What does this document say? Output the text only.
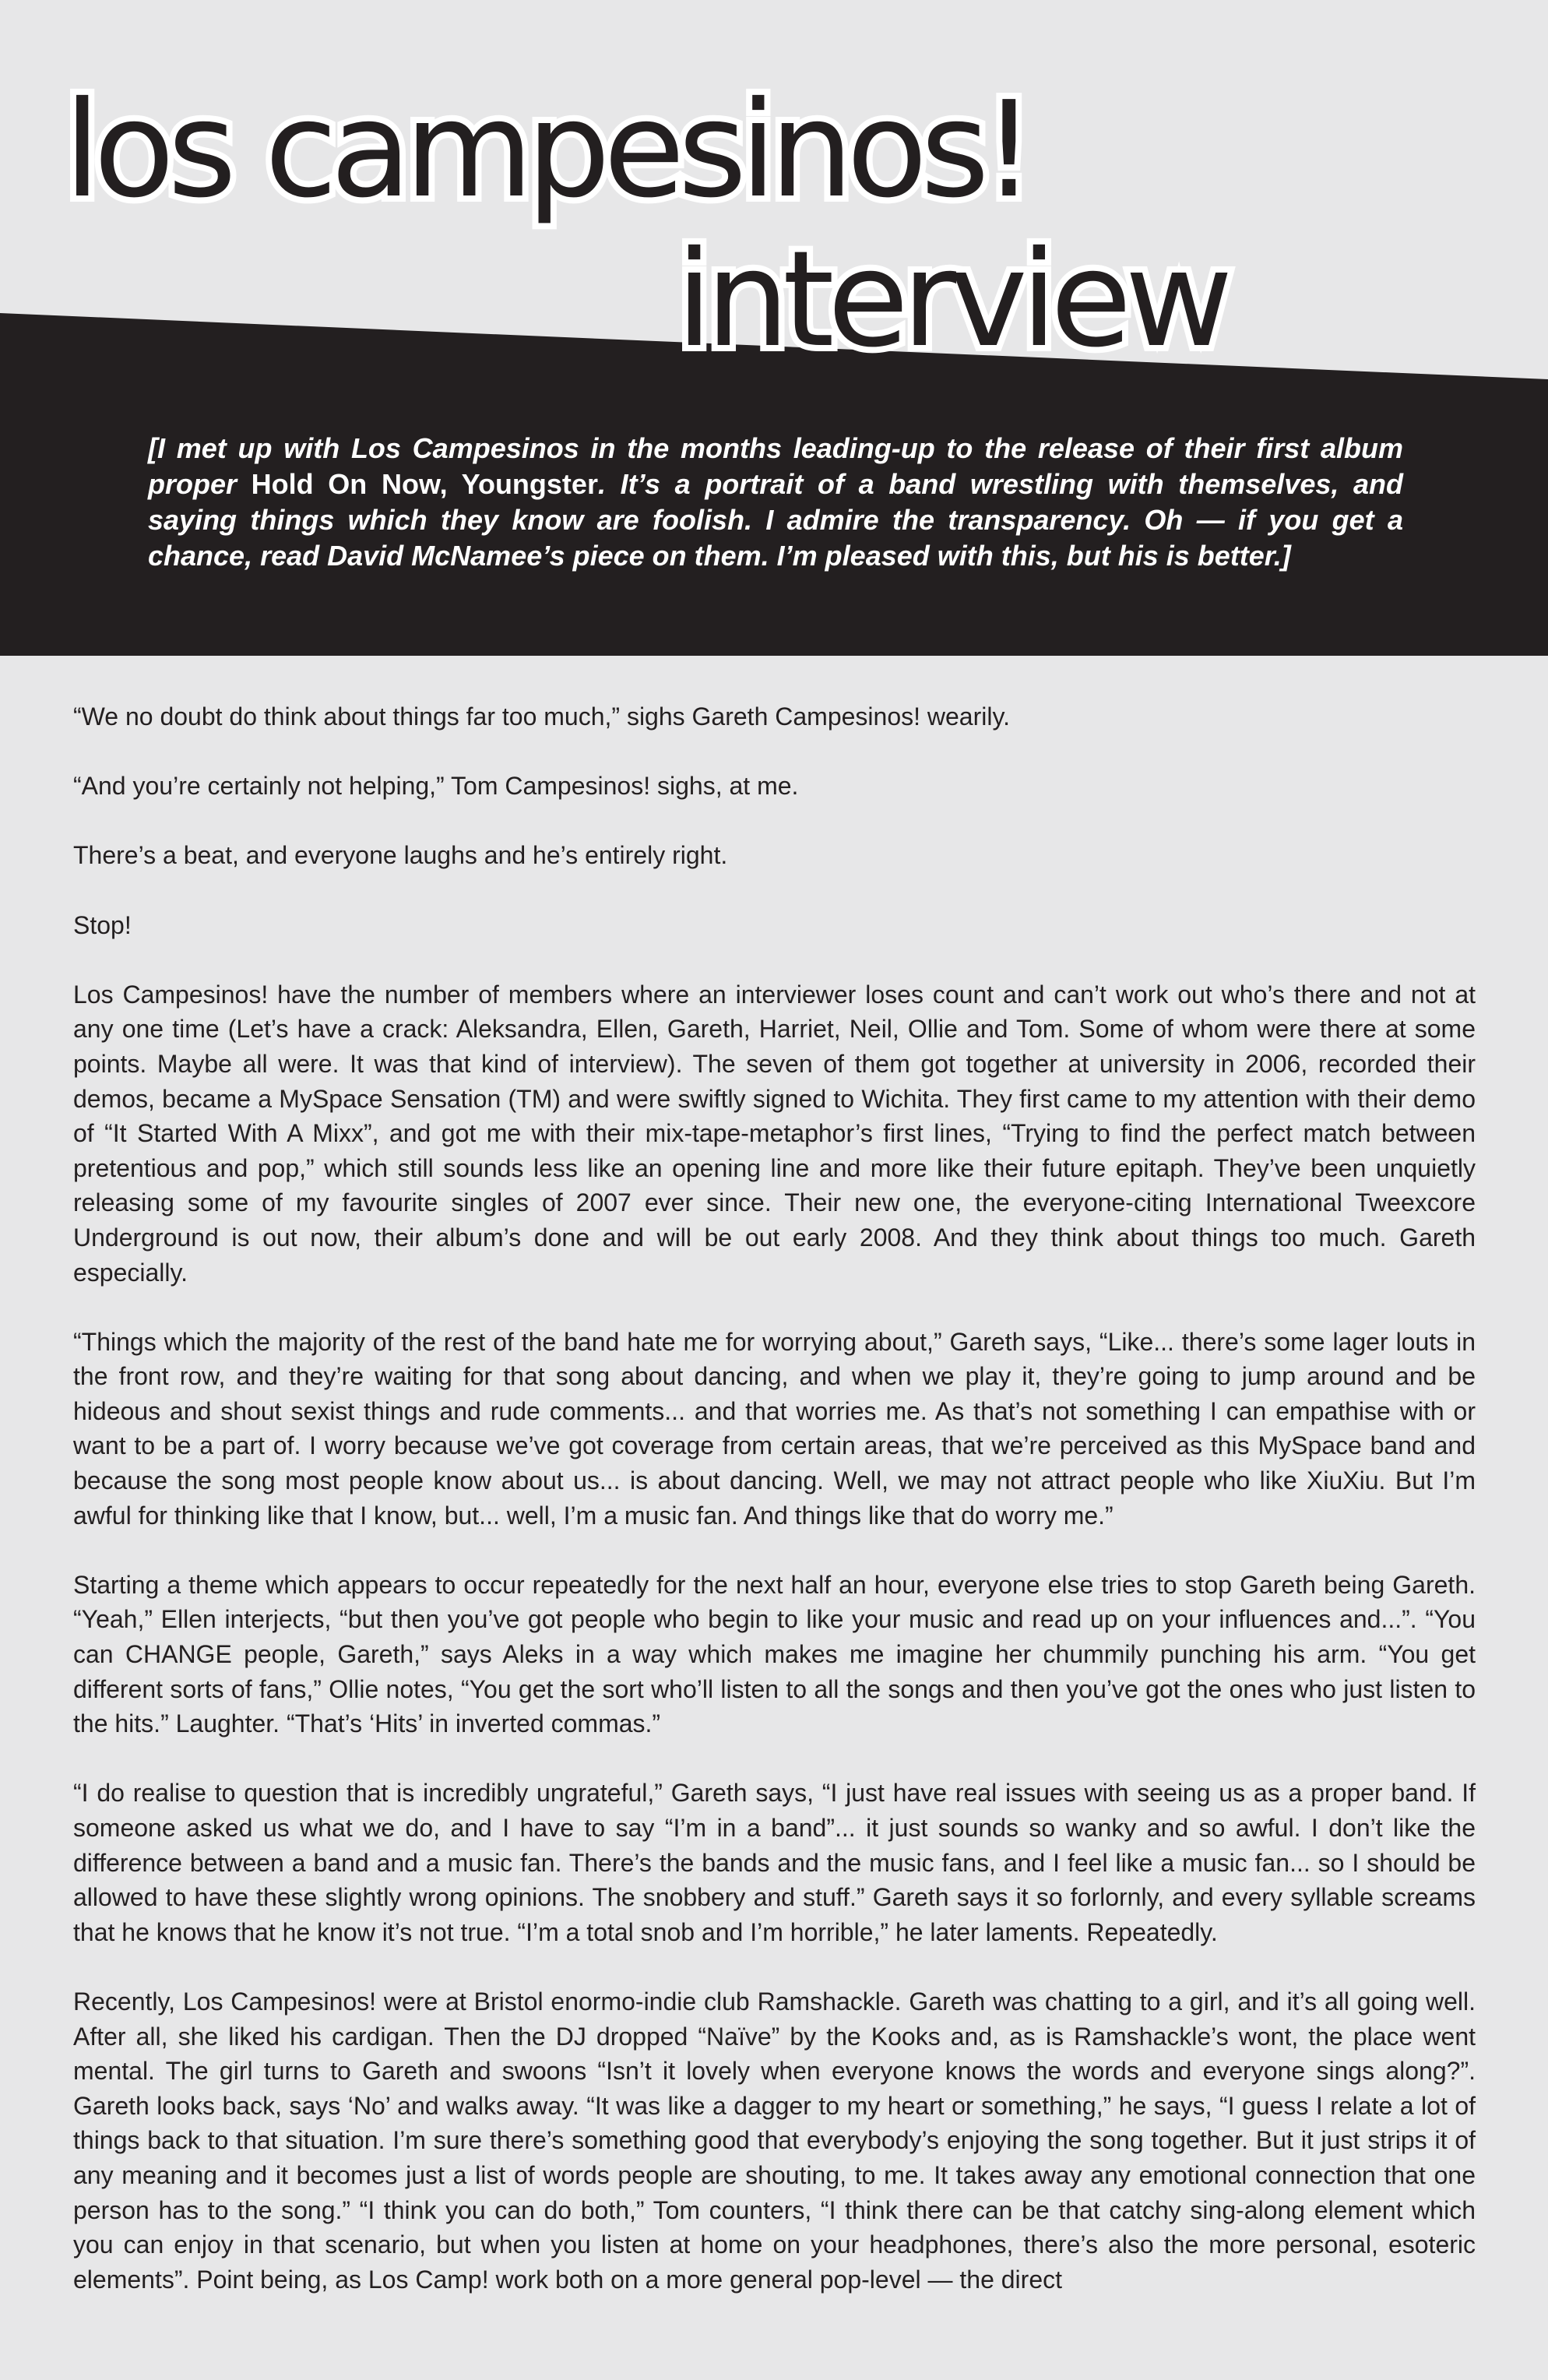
los campesinos!
interview

[I met up with Los Campesinos in the months leading-up to the release of their first album proper Hold On Now, Youngster. It’s a portrait of a band wrestling with themselves, and saying things which they know are foolish. I admire the transparency. Oh — if you get a chance, read David McNamee’s piece on them. I’m pleased with this, but his is better.]

“We no doubt do think about things far too much,” sighs Gareth Campesinos! wearily.

“And you’re certainly not helping,” Tom Campesinos! sighs, at me.

There’s a beat, and everyone laughs and he’s entirely right.

Stop!

Los Campesinos! have the number of members where an interviewer loses count and can’t work out who’s there and not at any one time (Let’s have a crack: Aleksandra, Ellen, Gareth, Harriet, Neil, Ollie and Tom. Some of whom were there at some points. Maybe all were. It was that kind of interview). The seven of them got together at university in 2006, recorded their demos, became a MySpace Sensation (TM) and were swiftly signed to Wichita. They first came to my attention with their demo of “It Started With A Mixx”, and got me with their mix-tape-metaphor’s first lines, “Trying to find the perfect match between pretentious and pop,” which still sounds less like an opening line and more like their future epitaph. They’ve been unquietly releasing some of my favourite singles of 2007 ever since. Their new one, the everyone-citing International Tweexcore Underground is out now, their album’s done and will be out early 2008. And they think about things too much. Gareth especially.

“Things which the majority of the rest of the band hate me for worrying about,” Gareth says, “Like... there’s some lager louts in the front row, and they’re waiting for that song about dancing, and when we play it, they’re going to jump around and be hideous and shout sexist things and rude comments... and that worries me. As that’s not something I can empathise with or want to be a part of. I worry because we’ve got coverage from certain areas, that we’re perceived as this MySpace band and because the song most people know about us... is about dancing. Well, we may not attract people who like XiuXiu. But I’m awful for thinking like that I know, but... well, I’m a music fan. And things like that do worry me.”

Starting a theme which appears to occur repeatedly for the next half an hour, everyone else tries to stop Gareth being Gareth. “Yeah,” Ellen interjects, “but then you’ve got people who begin to like your music and read up on your influences and...”. “You can CHANGE people, Gareth,” says Aleks in a way which makes me imagine her chummily punching his arm. “You get different sorts of fans,” Ollie notes, “You get the sort who’ll listen to all the songs and then you’ve got the ones who just listen to the hits.” Laughter. “That’s ‘Hits’ in inverted commas.”

“I do realise to question that is incredibly ungrateful,” Gareth says, “I just have real issues with seeing us as a proper band. If someone asked us what we do, and I have to say “I’m in a band”... it just sounds so wanky and so awful. I don’t like the difference between a band and a music fan. There’s the bands and the music fans, and I feel like a music fan... so I should be allowed to have these slightly wrong opinions. The snobbery and stuff.” Gareth says it so forlornly, and every syllable screams that he knows that he know it’s not true. “I’m a total snob and I’m horrible,” he later laments. Repeatedly.

Recently, Los Campesinos! were at Bristol enormo-indie club Ramshackle. Gareth was chatting to a girl, and it’s all going well. After all, she liked his cardigan. Then the DJ dropped “Naïve” by the Kooks and, as is Ramshackle’s wont, the place went mental. The girl turns to Gareth and swoons “Isn’t it lovely when everyone knows the words and everyone sings along?”. Gareth looks back, says ‘No’ and walks away. “It was like a dagger to my heart or something,” he says, “I guess I relate a lot of things back to that situation. I’m sure there’s something good that everybody’s enjoying the song together. But it just strips it of any meaning and it becomes just a list of words people are shouting, to me. It takes away any emotional connection that one person has to the song.” “I think you can do both,” Tom counters, “I think there can be that catchy sing-along element which you can enjoy in that scenario, but when you listen at home on your headphones, there’s also the more personal, esoteric elements”. Point being, as Los Camp! work both on a more general pop-level — the direct
